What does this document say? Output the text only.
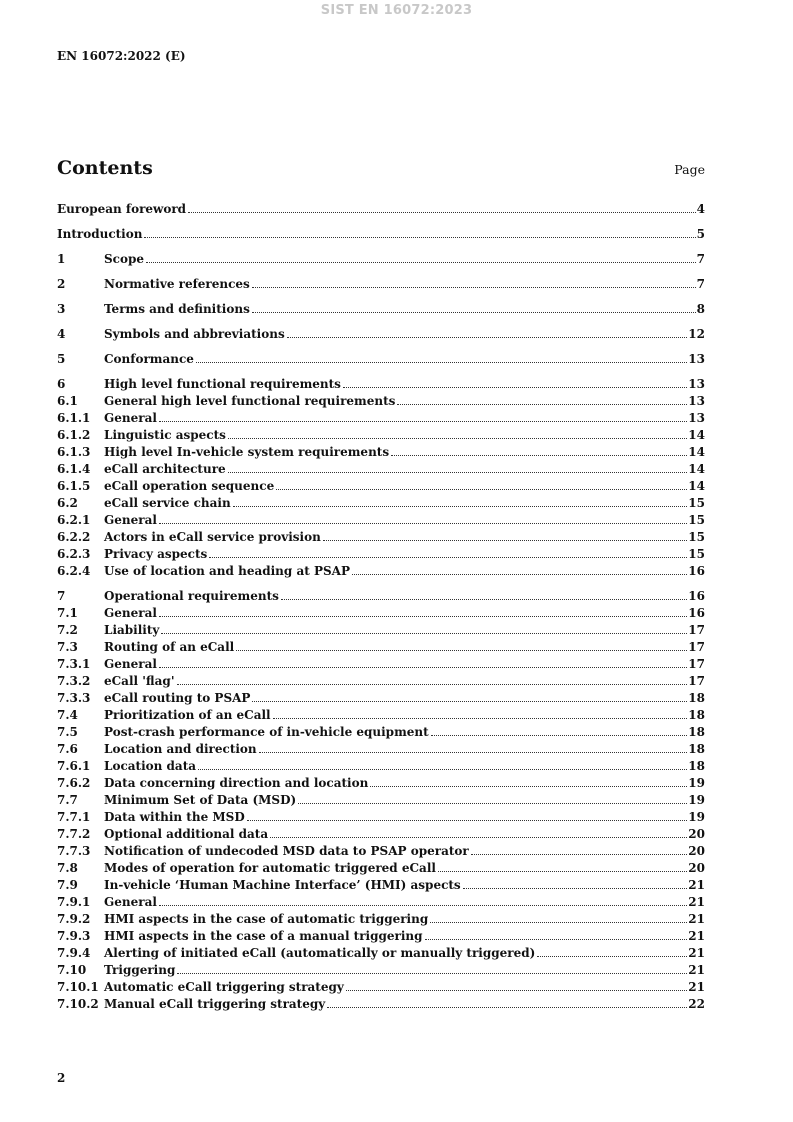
SIST EN 16072:2023
EN 16072:2022 (E)
Contents	Page
European foreword	4
Introduction	5
1	Scope	7
2	Normative references	7
3	Terms and definitions	8
4	Symbols and abbreviations	12
5	Conformance	13
6	High level functional requirements	13
6.1	General high level functional requirements	13
6.1.1	General	13
6.1.2	Linguistic aspects	14
6.1.3	High level In-vehicle system requirements	14
6.1.4	eCall architecture	14
6.1.5	eCall operation sequence	14
6.2	eCall service chain	15
6.2.1	General	15
6.2.2	Actors in eCall service provision	15
6.2.3	Privacy aspects	15
6.2.4	Use of location and heading at PSAP	16
7	Operational requirements	16
7.1	General	16
7.2	Liability	17
7.3	Routing of an eCall	17
7.3.1	General	17
7.3.2	eCall 'flag'	17
7.3.3	eCall routing to PSAP	18
7.4	Prioritization of an eCall	18
7.5	Post-crash performance of in-vehicle equipment	18
7.6	Location and direction	18
7.6.1	Location data	18
7.6.2	Data concerning direction and location	19
7.7	Minimum Set of Data (MSD)	19
7.7.1	Data within the MSD	19
7.7.2	Optional additional data	20
7.7.3	Notification of undecoded MSD data to PSAP operator	20
7.8	Modes of operation for automatic triggered eCall	20
7.9	In-vehicle ‘Human Machine Interface’ (HMI) aspects	21
7.9.1	General	21
7.9.2	HMI aspects in the case of automatic triggering	21
7.9.3	HMI aspects in the case of a manual triggering	21
7.9.4	Alerting of initiated eCall (automatically or manually triggered)	21
7.10	Triggering	21
7.10.1 Automatic eCall triggering strategy	21
7.10.2 Manual eCall triggering strategy	22
2
